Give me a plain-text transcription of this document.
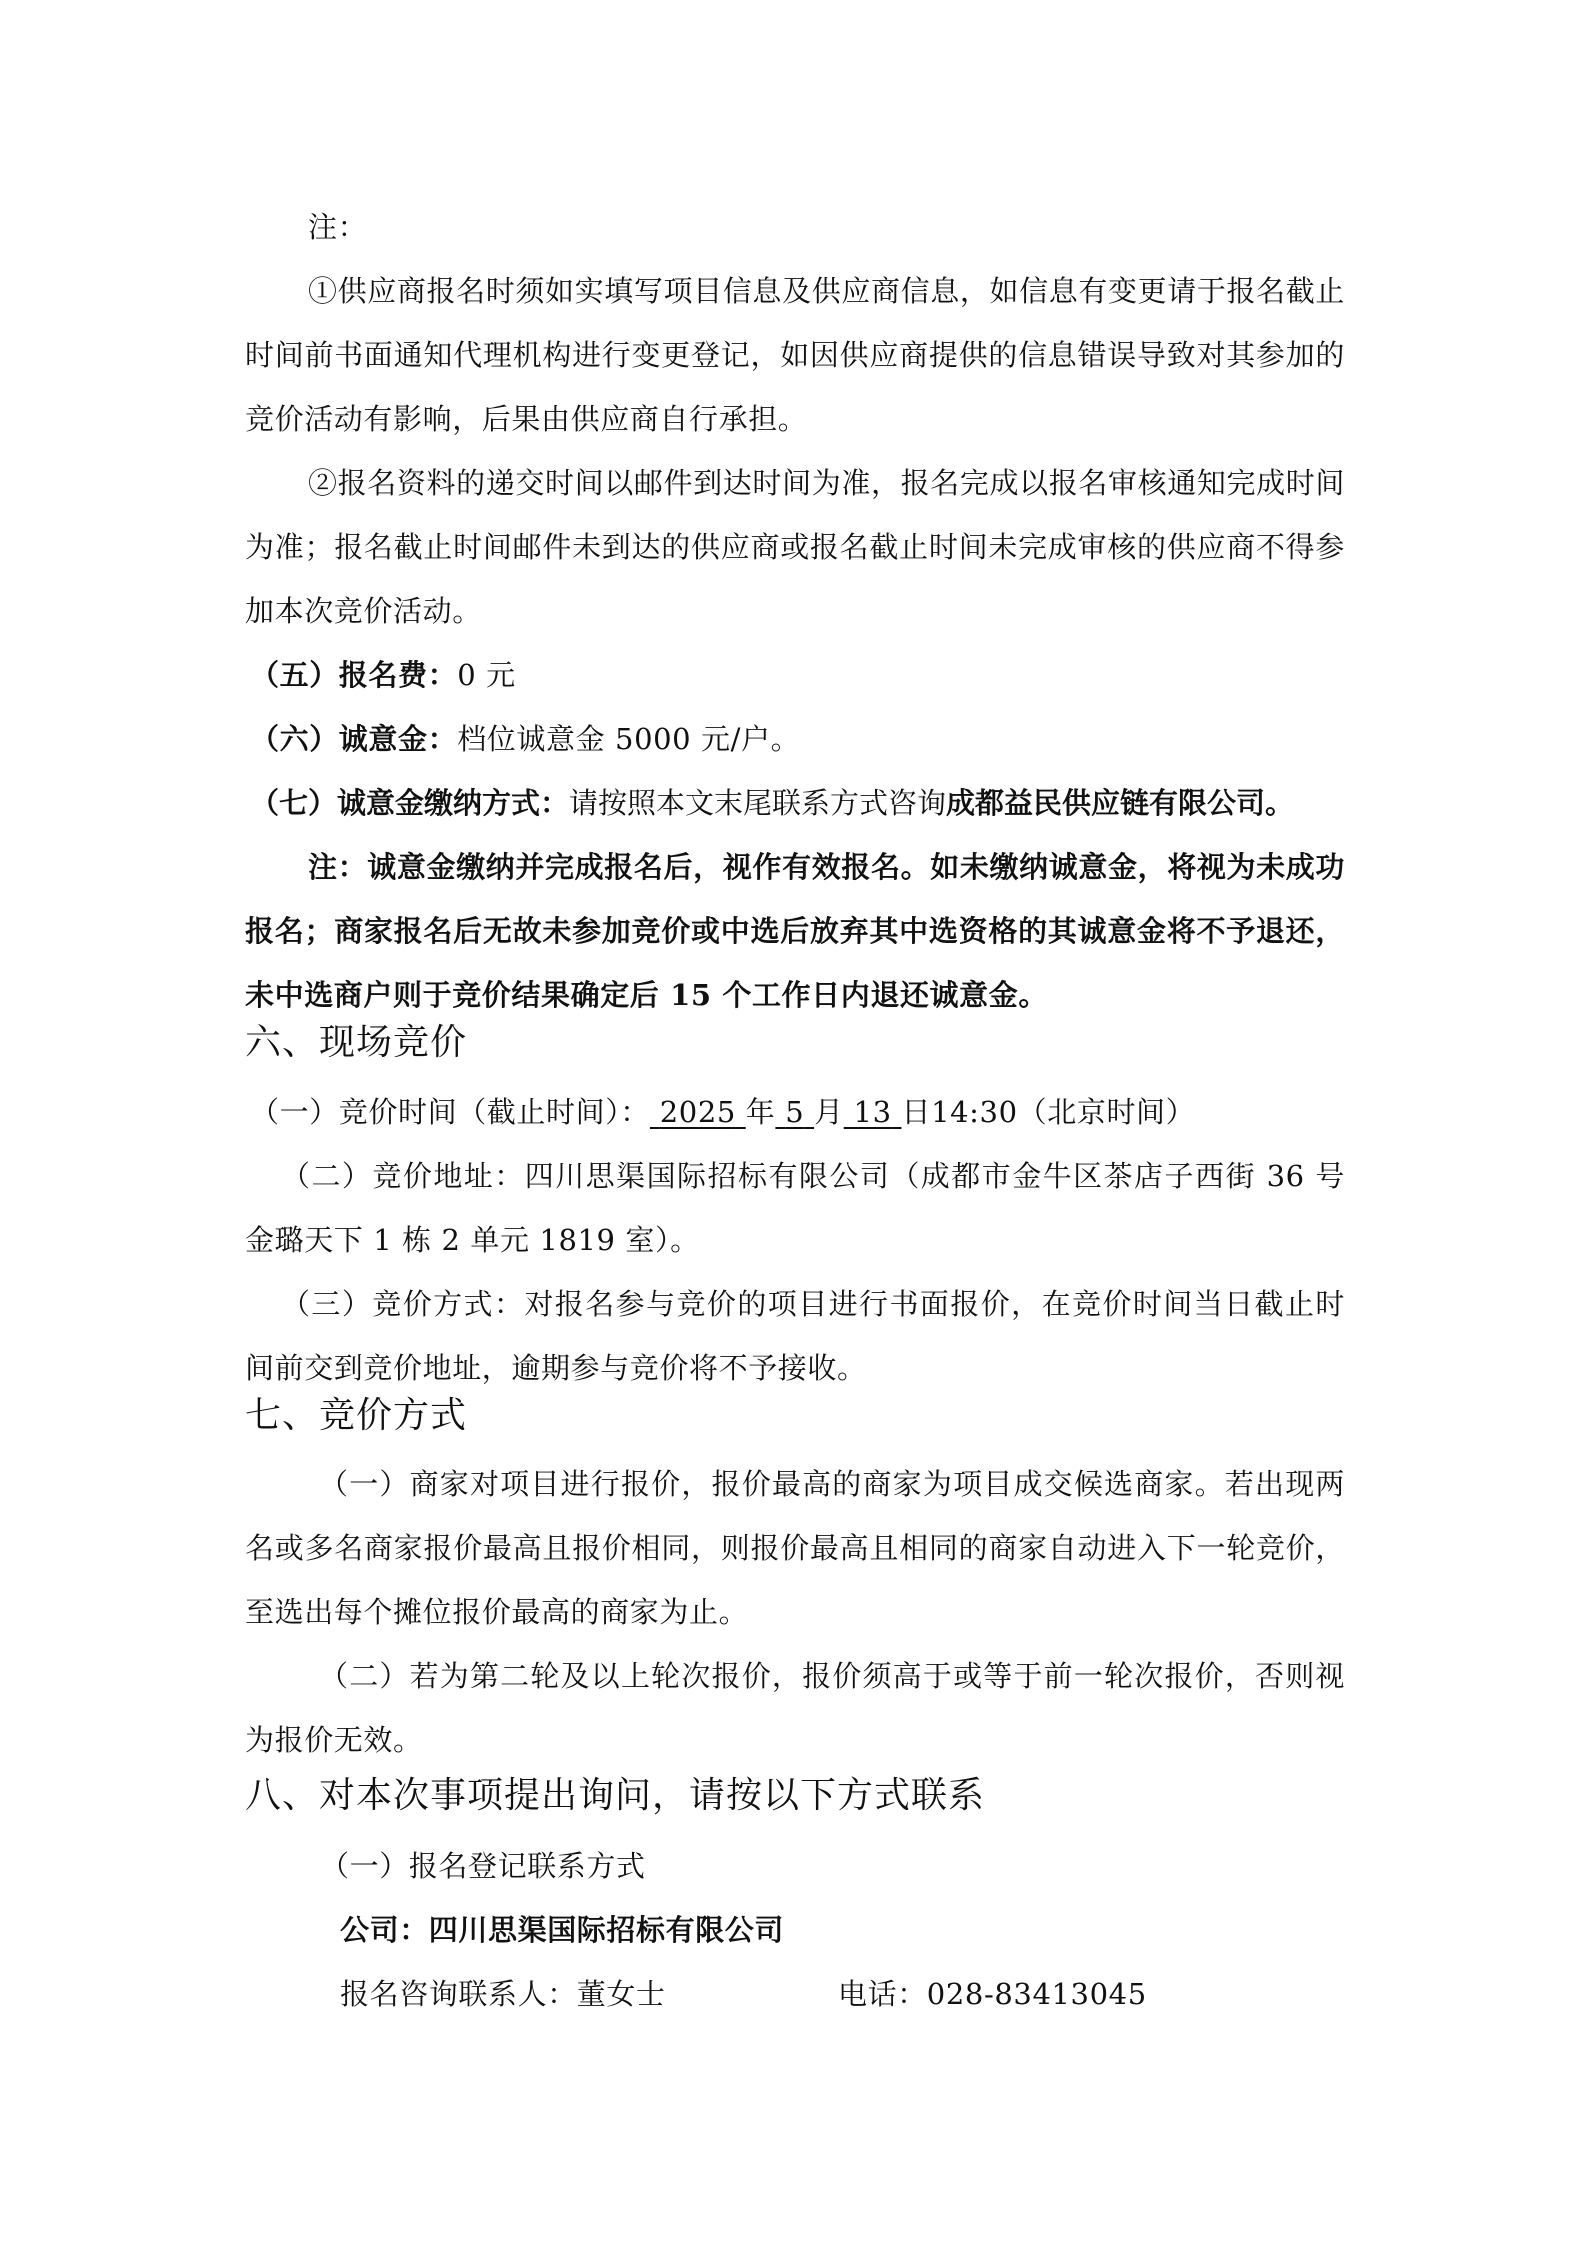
注：

①供应商报名时须如实填写项目信息及供应商信息，如信息有变更请于报名截止时间前书面通知代理机构进行变更登记，如因供应商提供的信息错误导致对其参加的竞价活动有影响，后果由供应商自行承担。

②报名资料的递交时间以邮件到达时间为准，报名完成以报名审核通知完成时间为准；报名截止时间邮件未到达的供应商或报名截止时间未完成审核的供应商不得参加本次竞价活动。

（五）报名费：0 元
（六）诚意金：档位诚意金 5000 元/户。
（七）诚意金缴纳方式：请按照本文末尾联系方式咨询成都益民供应链有限公司。

注：诚意金缴纳并完成报名后，视作有效报名。如未缴纳诚意金，将视为未成功报名；商家报名后无故未参加竞价或中选后放弃其中选资格的其诚意金将不予退还，未中选商户则于竞价结果确定后 15 个工作日内退还诚意金。

六、现场竞价
（一）竞价时间（截止时间）： 2025 年 5 月 13 日14:30（北京时间）

（二）竞价地址：四川思渠国际招标有限公司（成都市金牛区茶店子西街 36 号金璐天下 1 栋 2 单元 1819 室）。

（三）竞价方式：对报名参与竞价的项目进行书面报价，在竞价时间当日截止时间前交到竞价地址，逾期参与竞价将不予接收。

七、竞价方式

（一）商家对项目进行报价，报价最高的商家为项目成交候选商家。若出现两名或多名商家报价最高且报价相同，则报价最高且相同的商家自动进入下一轮竞价，至选出每个摊位报价最高的商家为止。

（二）若为第二轮及以上轮次报价，报价须高于或等于前一轮次报价，否则视为报价无效。

八、对本次事项提出询问，请按以下方式联系
（一）报名登记联系方式
公司：四川思渠国际招标有限公司
报名咨询联系人：董女士	电话：028-83413045
